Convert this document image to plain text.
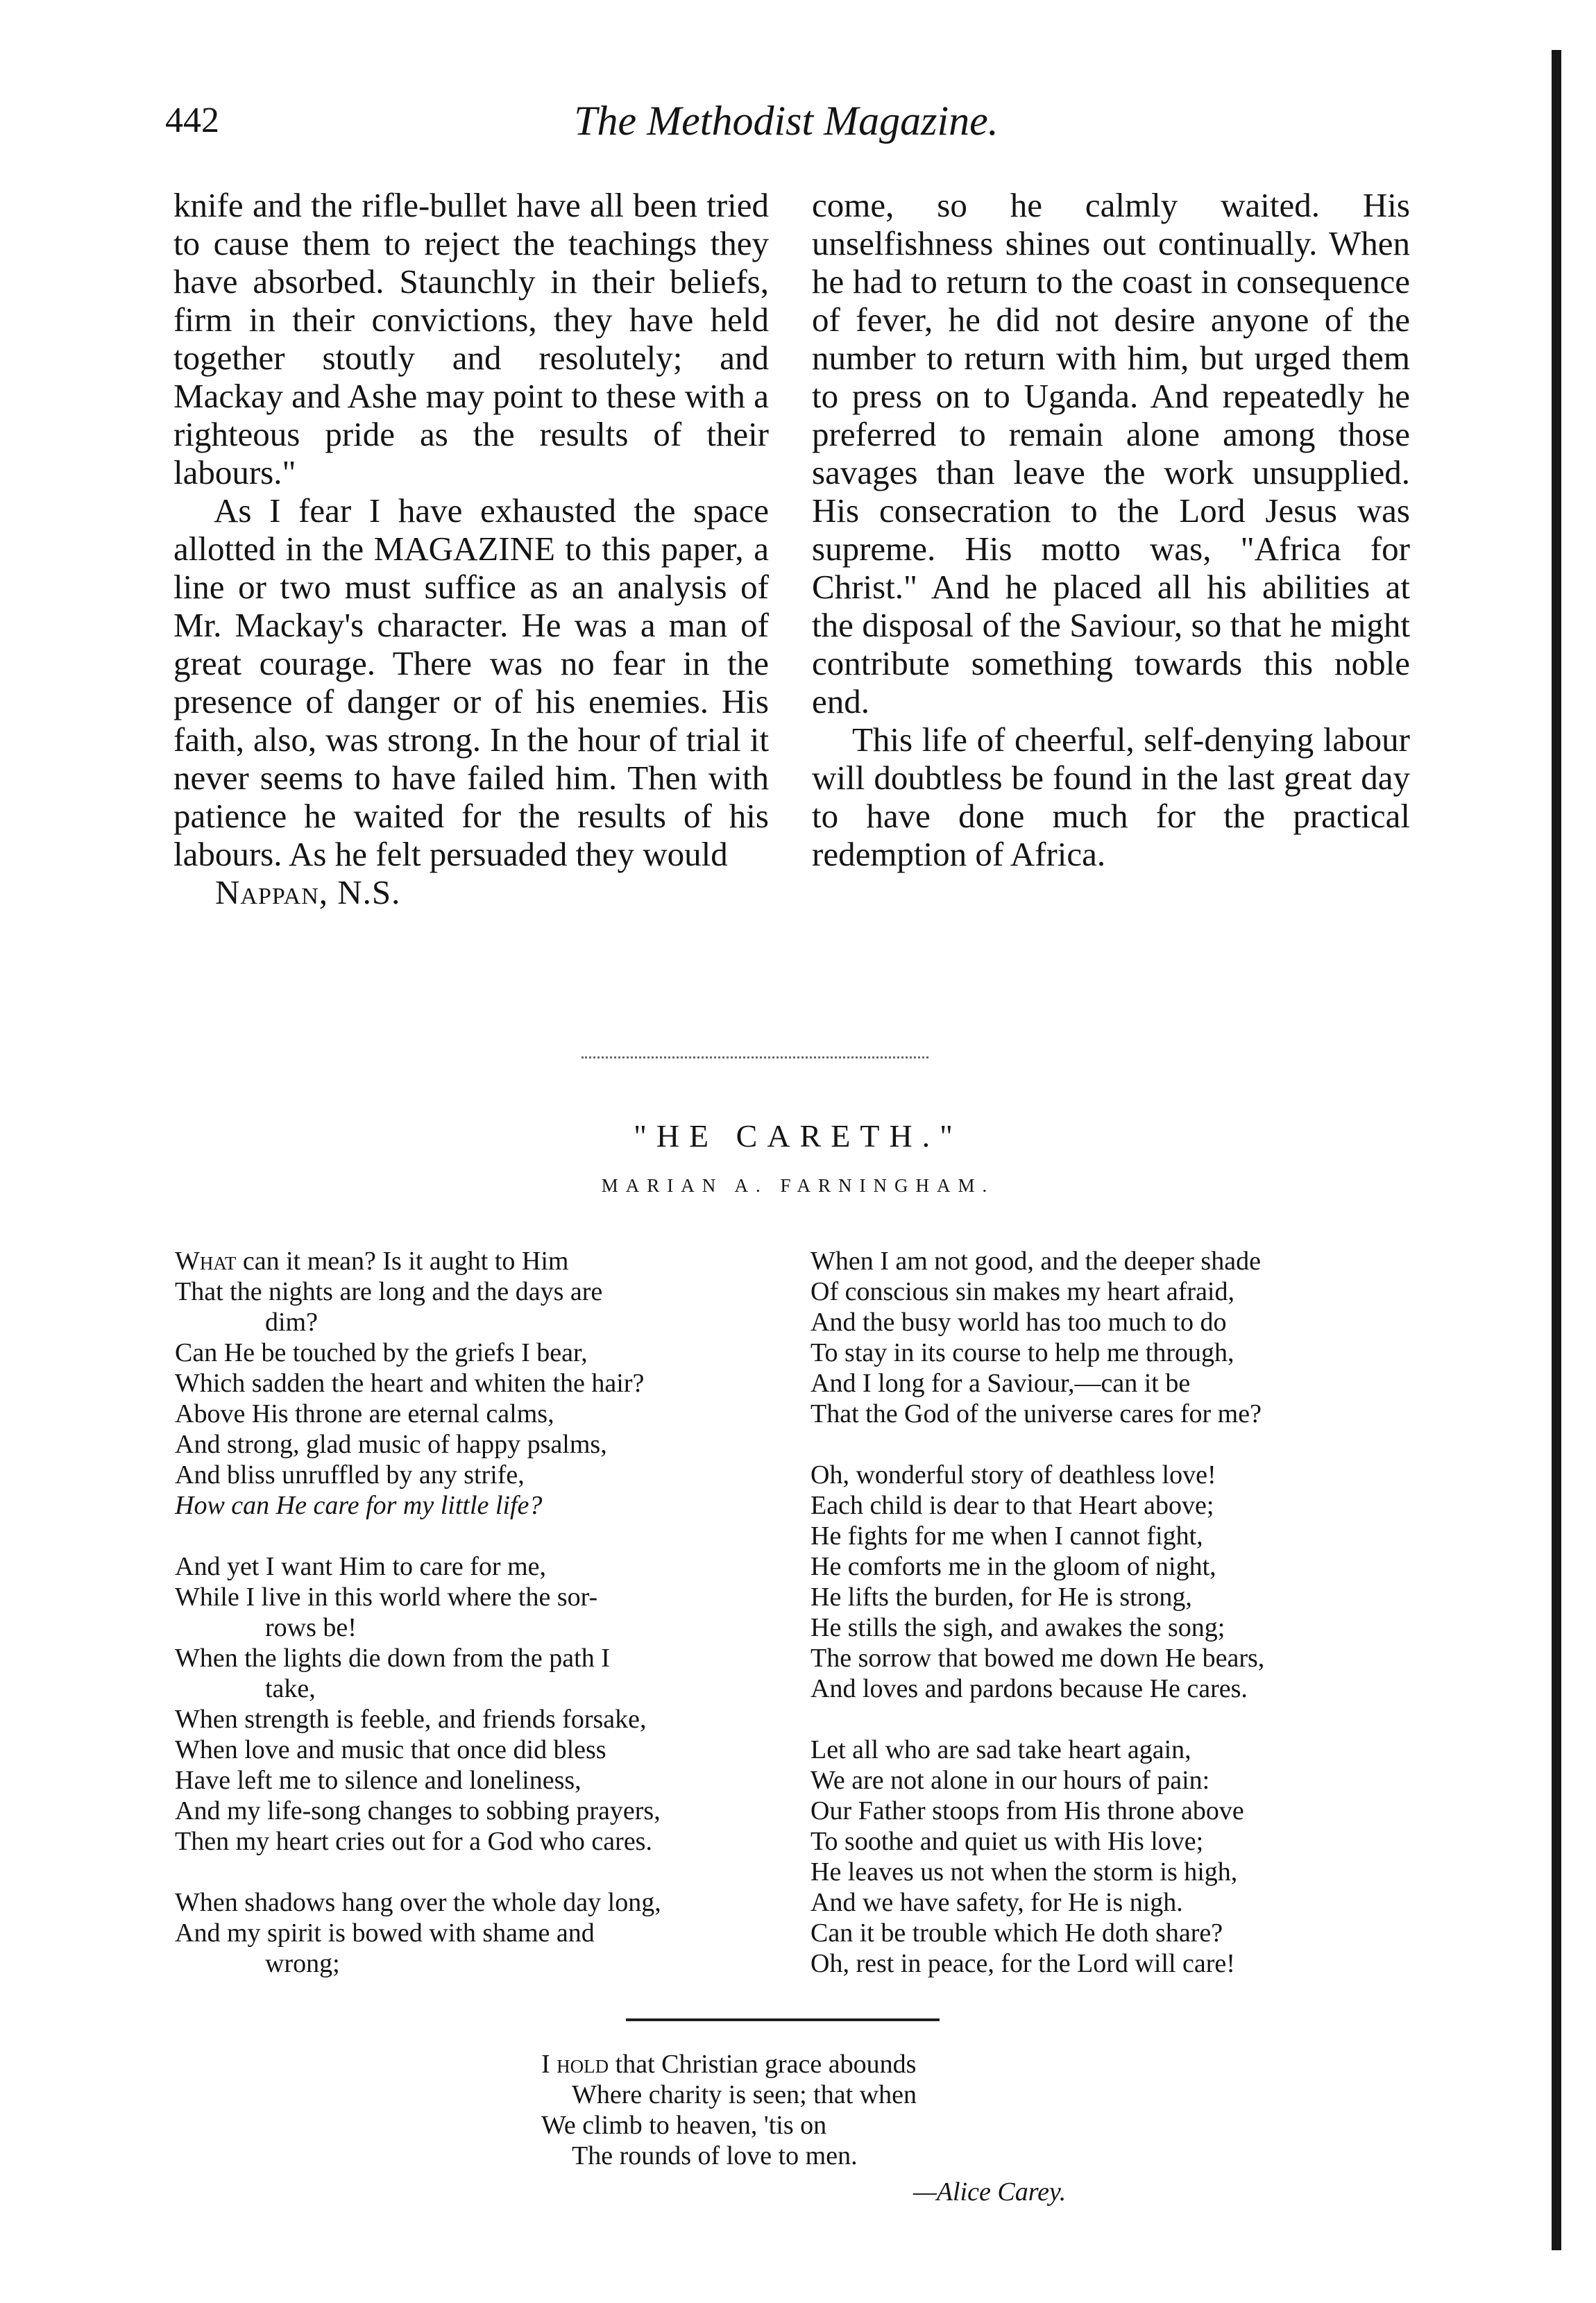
442	The Methodist Magazine.

knife and the rifle-bullet have all been tried to cause them to reject the teachings they have absorbed. Staunchly in their beliefs, firm in their convictions, they have held together stoutly and resolutely; and Mackay and Ashe may point to these with a righteous pride as the results of their labours."

As I fear I have exhausted the space allotted in the MAGAZINE to this paper, a line or two must suffice as an analysis of Mr. Mackay's character. He was a man of great courage. There was no fear in the presence of danger or of his enemies. His faith, also, was strong. In the hour of trial it never seems to have failed him. Then with patience he waited for the results of his labours. As he felt persuaded they would

Nappan, N.S.

come, so he calmly waited. His unselfishness shines out continually. When he had to return to the coast in consequence of fever, he did not desire anyone of the number to return with him, but urged them to press on to Uganda. And repeatedly he preferred to remain alone among those savages than leave the work unsupplied. His consecration to the Lord Jesus was supreme. His motto was, "Africa for Christ." And he placed all his abilities at the disposal of the Saviour, so that he might contribute something towards this noble end.

This life of cheerful, self-denying labour will doubtless be found in the last great day to have done much for the practical redemption of Africa.

"HE CARETH."
MARIAN A. FARNINGHAM.
What can it mean? Is it aught to Him
That the nights are long and the days are
dim?
Can He be touched by the griefs I bear,
Which sadden the heart and whiten the hair?
Above His throne are eternal calms,
And strong, glad music of happy psalms,
And bliss unruffled by any strife,
How can He care for my little life?
And yet I want Him to care for me,
While I live in this world where the sor-
rows be!
When the lights die down from the path I
take,
When strength is feeble, and friends forsake,
When love and music that once did bless
Have left me to silence and loneliness,
And my life-song changes to sobbing prayers,
Then my heart cries out for a God who cares.
When shadows hang over the whole day long,
And my spirit is bowed with shame and
wrong;
When I am not good, and the deeper shade
Of conscious sin makes my heart afraid,
And the busy world has too much to do
To stay in its course to help me through,
And I long for a Saviour,—can it be
That the God of the universe cares for me?
Oh, wonderful story of deathless love!
Each child is dear to that Heart above;
He fights for me when I cannot fight,
He comforts me in the gloom of night,
He lifts the burden, for He is strong,
He stills the sigh, and awakes the song;
The sorrow that bowed me down He bears,
And loves and pardons because He cares.
Let all who are sad take heart again,
We are not alone in our hours of pain:
Our Father stoops from His throne above
To soothe and quiet us with His love;
He leaves us not when the storm is high,
And we have safety, for He is nigh.
Can it be trouble which He doth share?
Oh, rest in peace, for the Lord will care!
I hold that Christian grace abounds
Where charity is seen; that when
We climb to heaven, 'tis on
The rounds of love to men.
—Alice Carey.
